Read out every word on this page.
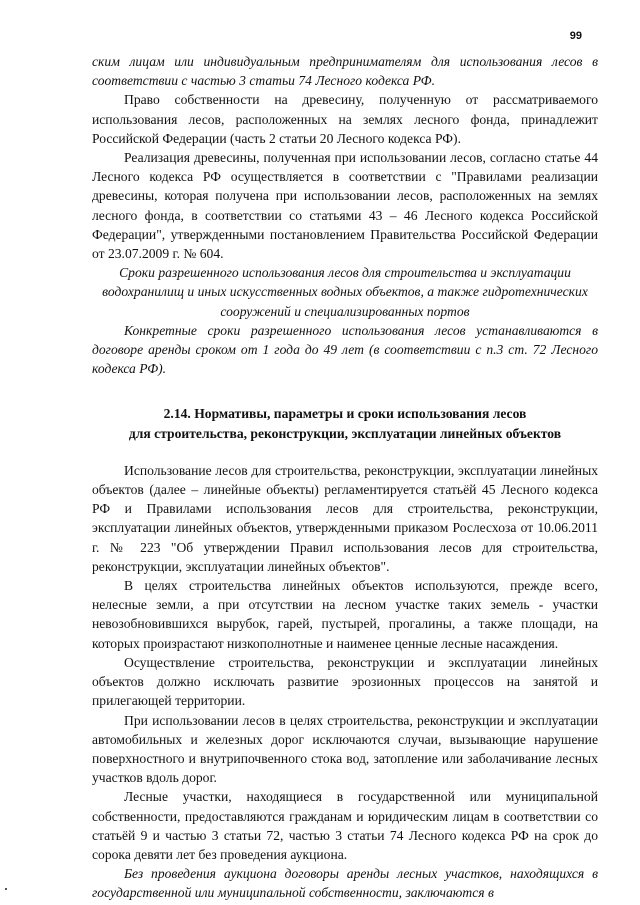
99

ским лицам или индивидуальным предпринимателям для использования лесов в соответствии с частью 3 статьи 74 Лесного кодекса РФ.

Право собственности на древесину, полученную от рассматриваемого использования лесов, расположенных на землях лесного фонда, принадлежит Российской Федерации (часть 2 статьи 20 Лесного кодекса РФ).

Реализация древесины, полученная при использовании лесов, согласно статье 44 Лесного кодекса РФ осуществляется в соответствии с "Правилами реализации древесины, которая получена при использовании лесов, расположенных на землях лесного фонда, в соответствии со статьями 43 – 46 Лесного кодекса Российской Федерации", утвержденными постановлением Правительства Российской Федерации от 23.07.2009 г. № 604.

Сроки разрешенного использования лесов для строительства и эксплуатации водохранилищ и иных искусственных водных объектов, а также гидротехнических сооружений и специализированных портов

Конкретные сроки разрешенного использования лесов устанавливаются в договоре аренды сроком от 1 года до 49 лет (в соответствии с п.3 ст. 72 Лесного кодекса РФ).

2.14. Нормативы, параметры и сроки использования лесов
для строительства, реконструкции, эксплуатации линейных объектов

Использование лесов для строительства, реконструкции, эксплуатации линейных объектов (далее – линейные объекты) регламентируется статьёй 45 Лесного кодекса РФ и Правилами использования лесов для строительства, реконструкции, эксплуатации линейных объектов, утвержденными приказом Рослесхоза от 10.06.2011 г. № 223 "Об утверждении Правил использования лесов для строительства, реконструкции, эксплуатации линейных объектов".

В целях строительства линейных объектов используются, прежде всего, нелесные земли, а при отсутствии на лесном участке таких земель - участки невозобновившихся вырубок, гарей, пустырей, прогалины, а также площади, на которых произрастают низкополнотные и наименее ценные лесные насаждения.

Осуществление строительства, реконструкции и эксплуатации линейных объектов должно исключать развитие эрозионных процессов на занятой и прилегающей территории.

При использовании лесов в целях строительства, реконструкции и эксплуатации автомобильных и железных дорог исключаются случаи, вызывающие нарушение поверхностного и внутрипочвенного стока вод, затопление или заболачивание лесных участков вдоль дорог.

Лесные участки, находящиеся в государственной или муниципальной собственности, предоставляются гражданам и юридическим лицам в соответствии со статьёй 9 и частью 3 статьи 72, частью 3 статьи 74 Лесного кодекса РФ на срок до сорока девяти лет без проведения аукциона.

Без проведения аукциона договоры аренды лесных участков, находящихся в государственной или муниципальной собственности, заключаются в
